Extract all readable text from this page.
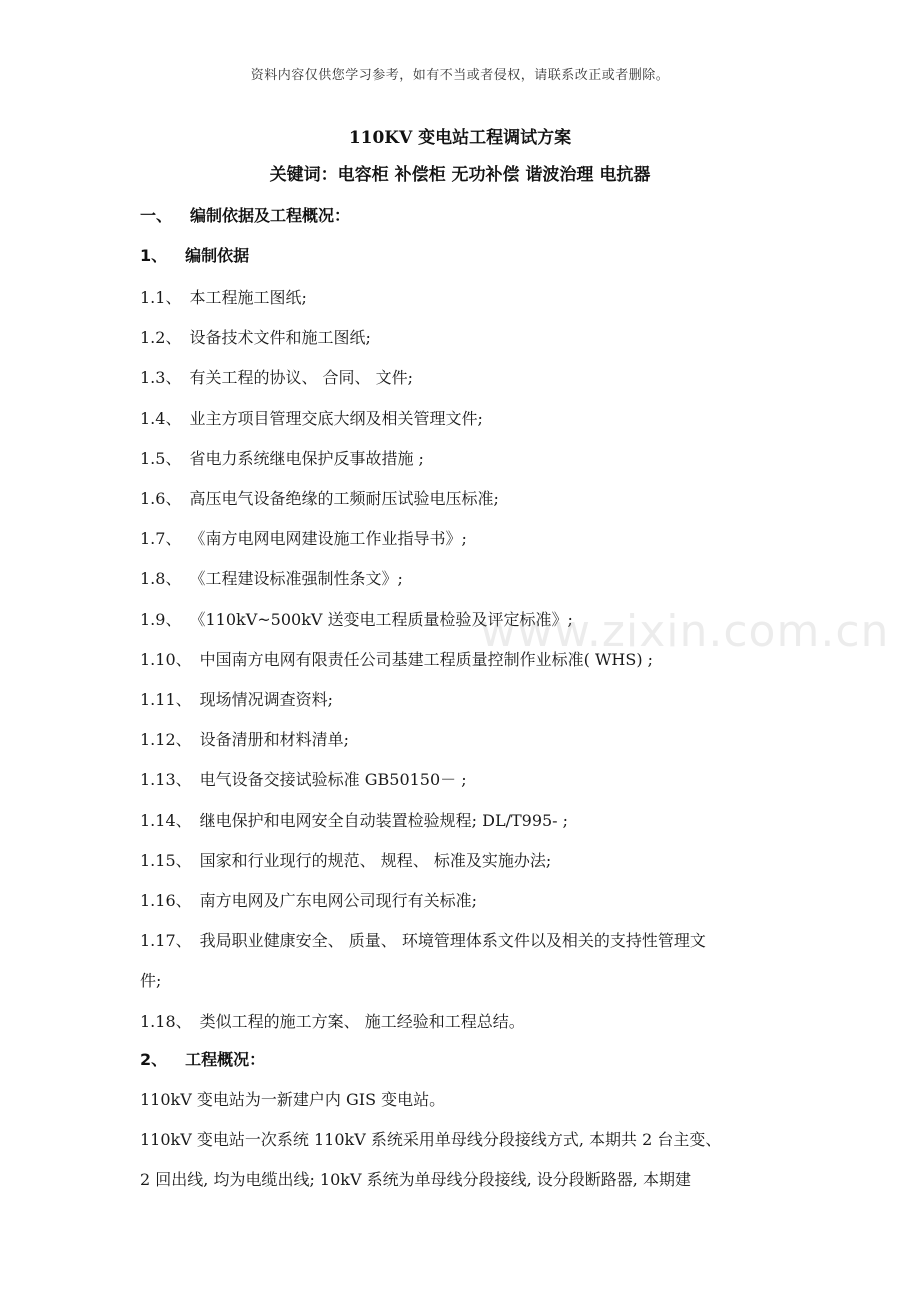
资料内容仅供您学习参考，如有不当或者侵权，请联系改正或者删除。
110KV 变电站工程调试方案
关键词：电容柜 补偿柜 无功补偿 谐波治理 电抗器
一、 编制依据及工程概况：
1、 编制依据
1.1、 本工程施工图纸;
1.2、 设备技术文件和施工图纸;
1.3、 有关工程的协议、 合同、 文件;
1.4、 业主方项目管理交底大纲及相关管理文件;
1.5、 省电力系统继电保护反事故措施 ;
1.6、 高压电气设备绝缘的工频耐压试验电压标准;
1.7、 《南方电网电网建设施工作业指导书》;
1.8、 《工程建设标准强制性条文》;
1.9、 《110kV~500kV 送变电工程质量检验及评定标准》;
1.10、 中国南方电网有限责任公司基建工程质量控制作业标准( WHS) ;
1.11、 现场情况调查资料;
1.12、 设备清册和材料清单;
1.13、 电气设备交接试验标准 GB50150－ ;
1.14、 继电保护和电网安全自动装置检验规程; DL/T995- ;
1.15、 国家和行业现行的规范、 规程、 标准及实施办法;
1.16、 南方电网及广东电网公司现行有关标准;
1.17、 我局职业健康安全、 质量、 环境管理体系文件以及相关的支持性管理文
件;
1.18、 类似工程的施工方案、 施工经验和工程总结。
2、 工程概况：
110kV 变电站为一新建户内 GIS 变电站。
110kV 变电站一次系统 110kV 系统采用单母线分段接线方式, 本期共 2 台主变、
2 回出线, 均为电缆出线; 10kV 系统为单母线分段接线, 设分段断路器, 本期建
www.zixin.com.cn
